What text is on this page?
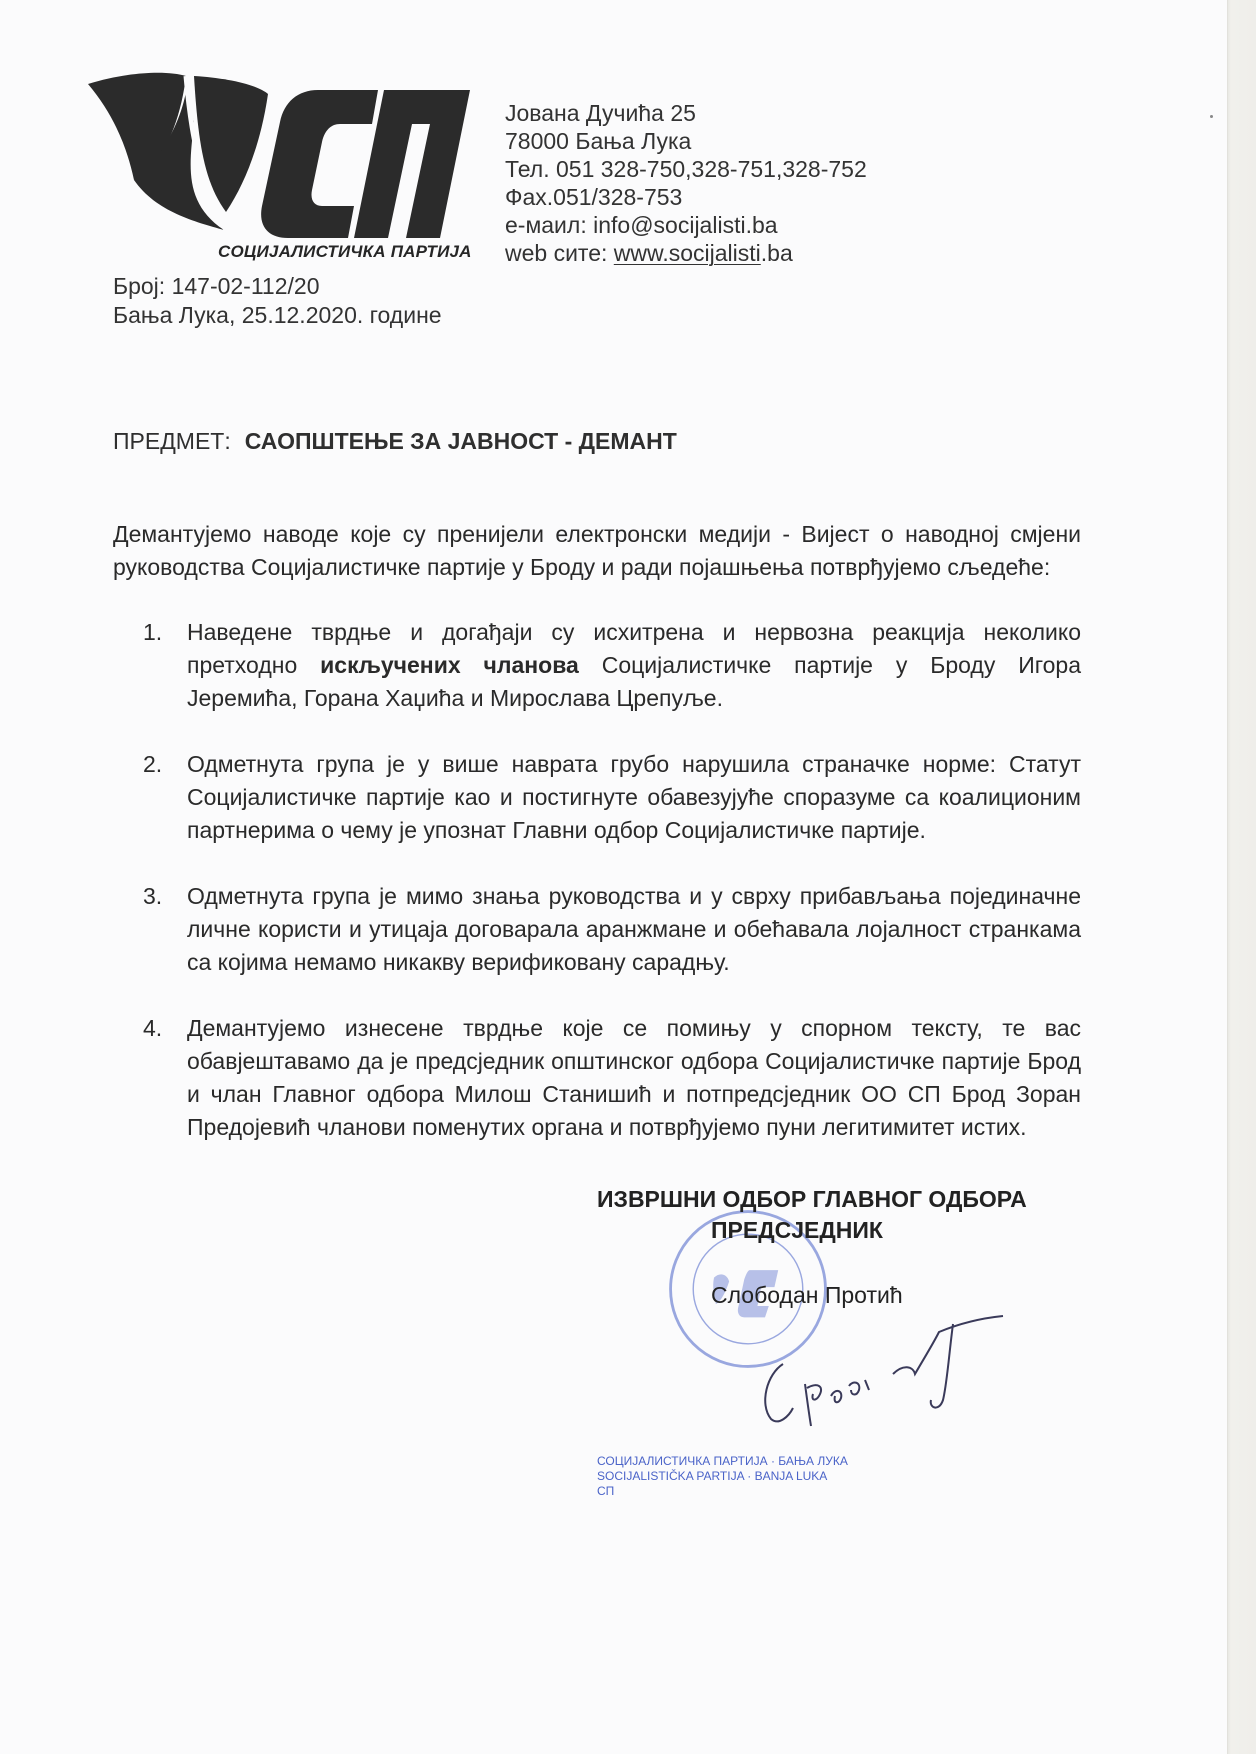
СОЦИЈАЛИСТИЧКА ПАРТИЈА
Јована Дучића 25
78000 Бања Лука
Тел. 051 328-750,328-751,328-752
Фах.051/328-753
е-маил: info@socijalisti.ba
web сите: www.socijalisti.ba
Број: 147-02-112/20
Бања Лука, 25.12.2020. године
ПРЕДМЕТ: САОПШТЕЊЕ ЗА ЈАВНОСТ - ДЕМАНТ

Демантујемо наводе које су пренијели електронски медији - Вијест о наводној смјени руководства Социјалистичке партије у Броду и ради појашњења потврђујемо сљедеће:

1. Наведене тврдње и догађаји су исхитрена и нервозна реакција неколико претходно искључених чланова Социјалистичке партије у Броду Игора Јеремића, Горана Хаџића и Мирослава Црепуље.
2. Одметнута група је у више наврата грубо нарушила страначке норме: Статут Социјалистичке партије као и постигнуте обавезујуће споразуме са коалиционим партнерима о чему је упознат Главни одбор Социјалистичке партије.
3. Одметнута група је мимо знања руководства и у сврху прибављања појединачне личне користи и утицаја договарала аранжмане и обећавала лојалност странкама са којима немамо никакву верификовану сарадњу.
4. Демантујемо изнесене тврдње које се помињу у спорном тексту, те вас обавјештавамо да је предсједник општинског одбора Социјалистичке партије Брод и члан Главног одбора Милош Станишић и потпредсједник ОО СП Брод Зоран Предојевић чланови поменутих органа и потврђујемо пуни легитимитет истих.
ИЗВРШНИ ОДБОР ГЛАВНОГ ОДБОРА
ПРЕДСЈЕДНИК
Слободан Протић
СОЦИЈАЛИСТИЧКА ПАРТИЈА · БАЊА ЛУКА
SOCIJALISTIČKA PARTIJA · BANJA LUKA
СП
